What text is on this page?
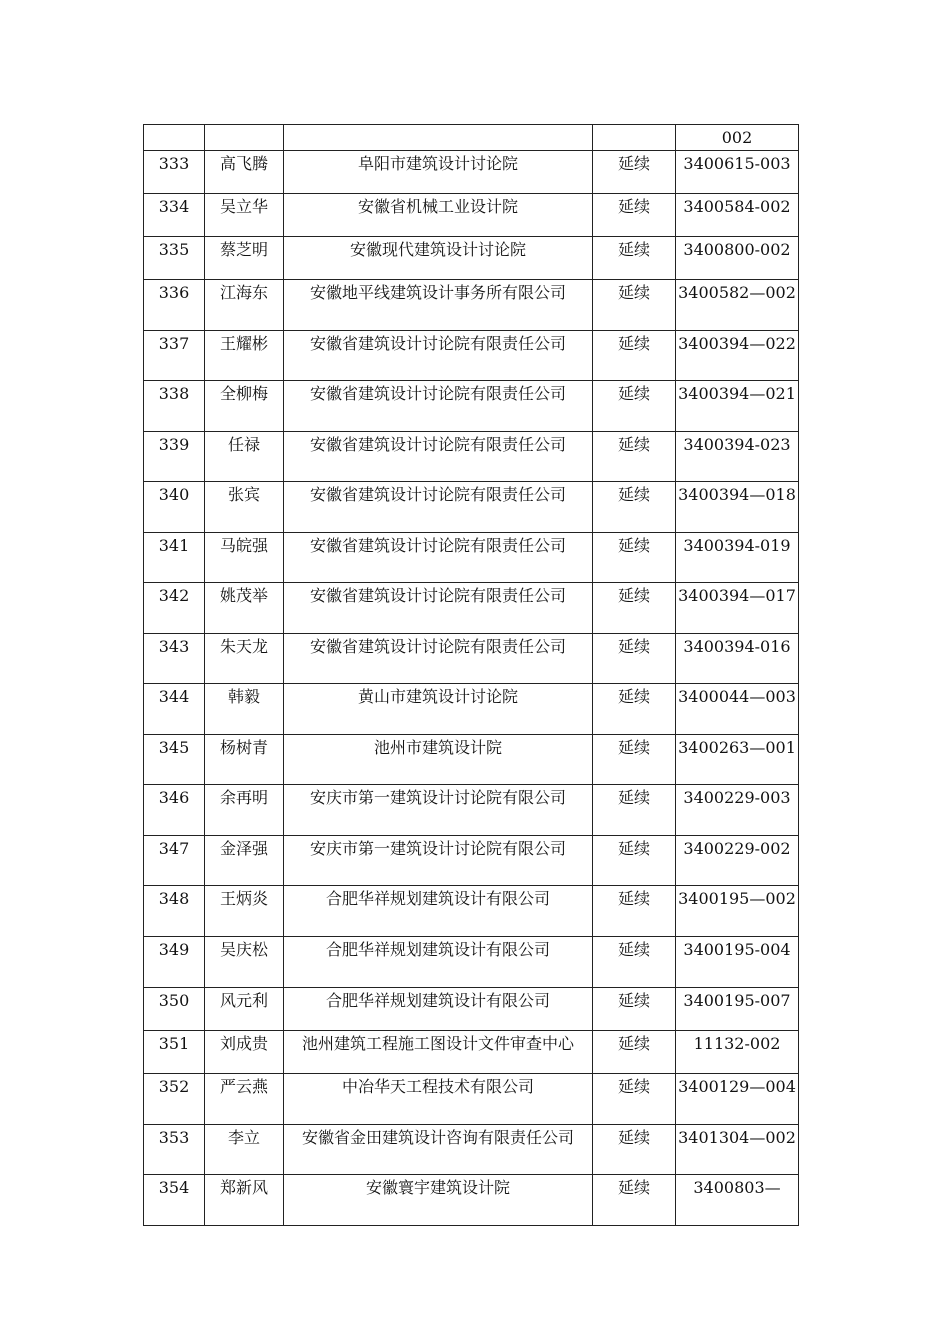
				002
333	高飞腾	阜阳市建筑设计讨论院	延续	3400615-003
334	吴立华	安徽省机械工业设计院	延续	3400584-002
335	蔡芝明	安徽现代建筑设计讨论院	延续	3400800-002
336	江海东	安徽地平线建筑设计事务所有限公司	延续	3400582—002
337	王耀彬	安徽省建筑设计讨论院有限责任公司	延续	3400394—022
338	全柳梅	安徽省建筑设计讨论院有限责任公司	延续	3400394—021
339	任禄	安徽省建筑设计讨论院有限责任公司	延续	3400394-023
340	张宾	安徽省建筑设计讨论院有限责任公司	延续	3400394—018
341	马皖强	安徽省建筑设计讨论院有限责任公司	延续	3400394-019
342	姚茂举	安徽省建筑设计讨论院有限责任公司	延续	3400394—017
343	朱天龙	安徽省建筑设计讨论院有限责任公司	延续	3400394-016
344	韩毅	黄山市建筑设计讨论院	延续	3400044—003
345	杨树青	池州市建筑设计院	延续	3400263—001
346	余再明	安庆市第一建筑设计讨论院有限公司	延续	3400229-003
347	金泽强	安庆市第一建筑设计讨论院有限公司	延续	3400229-002
348	王炳炎	合肥华祥规划建筑设计有限公司	延续	3400195—002
349	吴庆松	合肥华祥规划建筑设计有限公司	延续	3400195-004
350	风元利	合肥华祥规划建筑设计有限公司	延续	3400195-007
351	刘成贵	池州建筑工程施工图设计文件审查中心	延续	11132-002
352	严云燕	中冶华天工程技术有限公司	延续	3400129—004
353	李立	安徽省金田建筑设计咨询有限责任公司	延续	3401304—002
354	郑新风	安徽寰宇建筑设计院	延续	3400803—
